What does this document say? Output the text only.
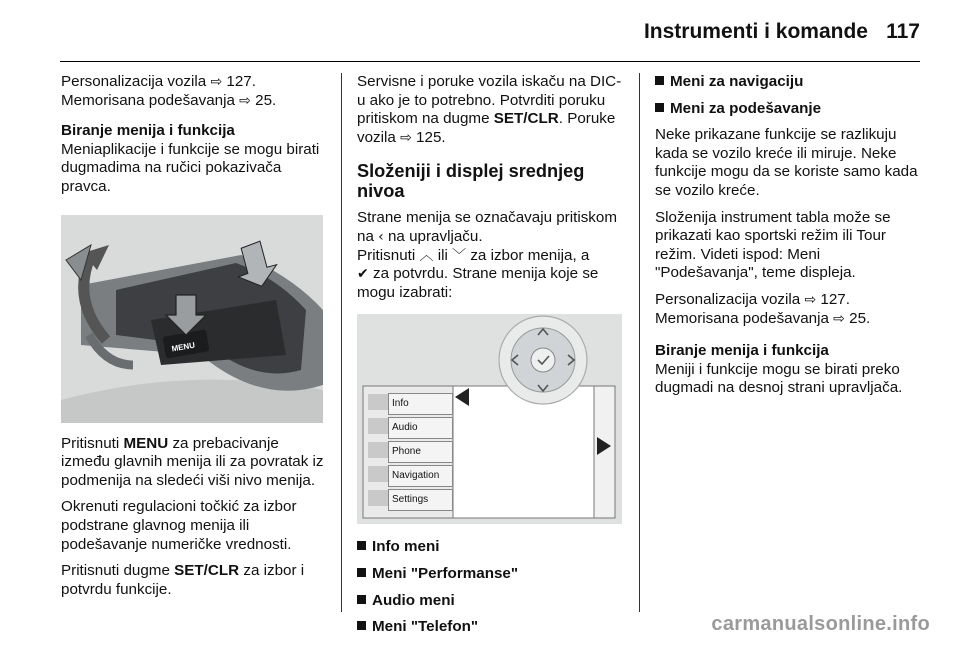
Instrumenti i komande 117

Personalizacija vozila ⇨ 127.
Memorisana podešavanja ⇨ 25.

Biranje menija i funkcija
Meniaplikacije i funkcije se mogu birati dugmadima na ručici pokazivača pravca.

MENU

Pritisnuti MENU za prebacivanje između glavnih menija ili za povratak iz podmenija na sledeći viši nivo menija.

Okrenuti regulacioni točkić za izbor podstrane glavnog menija ili podešavanje numeričke vrednosti.

Pritisnuti dugme SET/CLR za izbor i potvrdu funkcije.

Servisne i poruke vozila iskaču na DIC-u ako je to potrebno. Potvrditi poruku pritiskom na dugme SET/CLR. Poruke vozila ⇨ 125.

Složeniji i displej srednjeg nivoa

Strane menija se označavaju pritiskom na ‹ na upravljaču.
Pritisnuti ︿ ili ﹀ za izbor menija, a
✔ za potvrdu. Strane menija koje se mogu izabrati:

Info
Audio
Phone
Navigation
Settings

Info meni

Meni "Performanse"

Audio meni

Meni "Telefon"

Meni za navigaciju

Meni za podešavanje

Neke prikazane funkcije se razlikuju kada se vozilo kreće ili miruje. Neke funkcije mogu da se koriste samo kada se vozilo kreće.

Složenija instrument tabla može se prikazati kao sportski režim ili Tour režim. Videti ispod: Meni "Podešavanja", teme displeja.

Personalizacija vozila ⇨ 127.
Memorisana podešavanja ⇨ 25.

Biranje menija i funkcija
Meniji i funkcije mogu se birati preko dugmadi na desnoj strani upravljača.

carmanualsonline.info
